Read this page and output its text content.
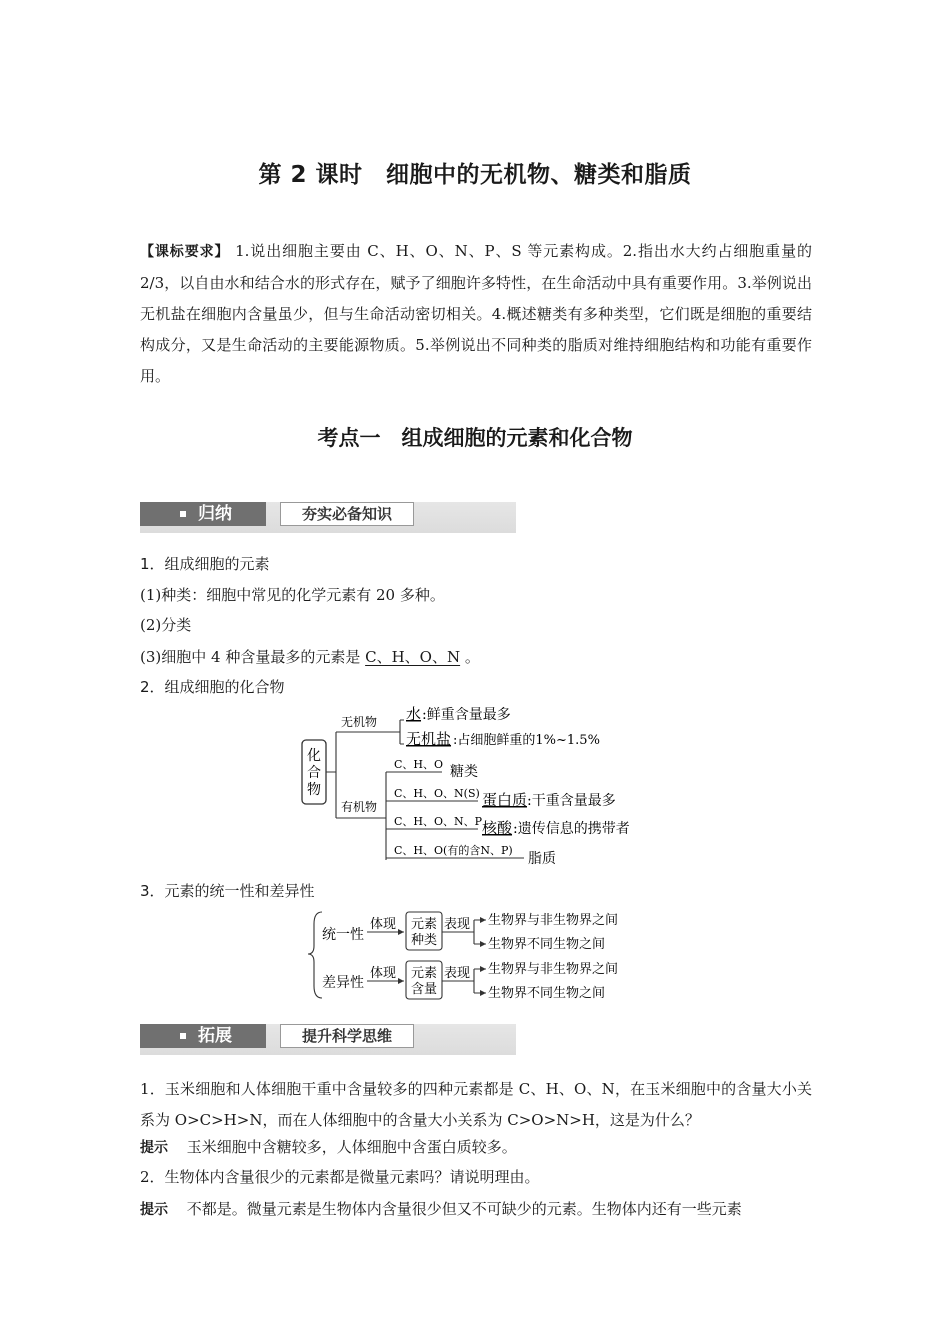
第 2 课时　细胞中的无机物、糖类和脂质
【课标要求】 1.说出细胞主要由 C、H、O、N、P、S 等元素构成。2.指出水大约占细胞重量的 2/3，以自由水和结合水的形式存在，赋予了细胞许多特性，在生命活动中具有重要作用。3.举例说出无机盐在细胞内含量虽少，但与生命活动密切相关。4.概述糖类有多种类型，它们既是细胞的重要结构成分，又是生命活动的主要能源物质。5.举例说出不同种类的脂质对维持细胞结构和功能有重要作用。
考点一　组成细胞的元素和化合物
归纳	夯实必备知识
1．组成细胞的元素
(1)种类：细胞中常见的化学元素有 20 多种。
(2)分类
(3)细胞中 4 种含量最多的元素是 C、H、O、N 。
2．组成细胞的化合物
化
合
物
无机物
有机物
水 :鲜重含量最多
无机盐 :占细胞鲜重的1%~1.5%
C、H、O 糖类
C、H、O、N(S) 蛋白质 :干重含量最多
C、H、O、N、P 核酸 :遗传信息的携带者
C、H、O(有的含N、P)
脂质
3．元素的统一性和差异性
统一性
差异性
体现
体现
元素
种类
元素
含量
表现
表现
生物界与非生物界之间
生物界不同生物之间
生物界与非生物界之间
生物界不同生物之间
拓展	提升科学思维
1．玉米细胞和人体细胞干重中含量较多的四种元素都是 C、H、O、N，在玉米细胞中的含量大小关系为 O>C>H>N，而在人体细胞中的含量大小关系为 C>O>N>H，这是为什么？
提示 玉米细胞中含糖较多，人体细胞中含蛋白质较多。
2．生物体内含量很少的元素都是微量元素吗？请说明理由。
提示 不都是。微量元素是生物体内含量很少但又不可缺少的元素。生物体内还有一些元素
